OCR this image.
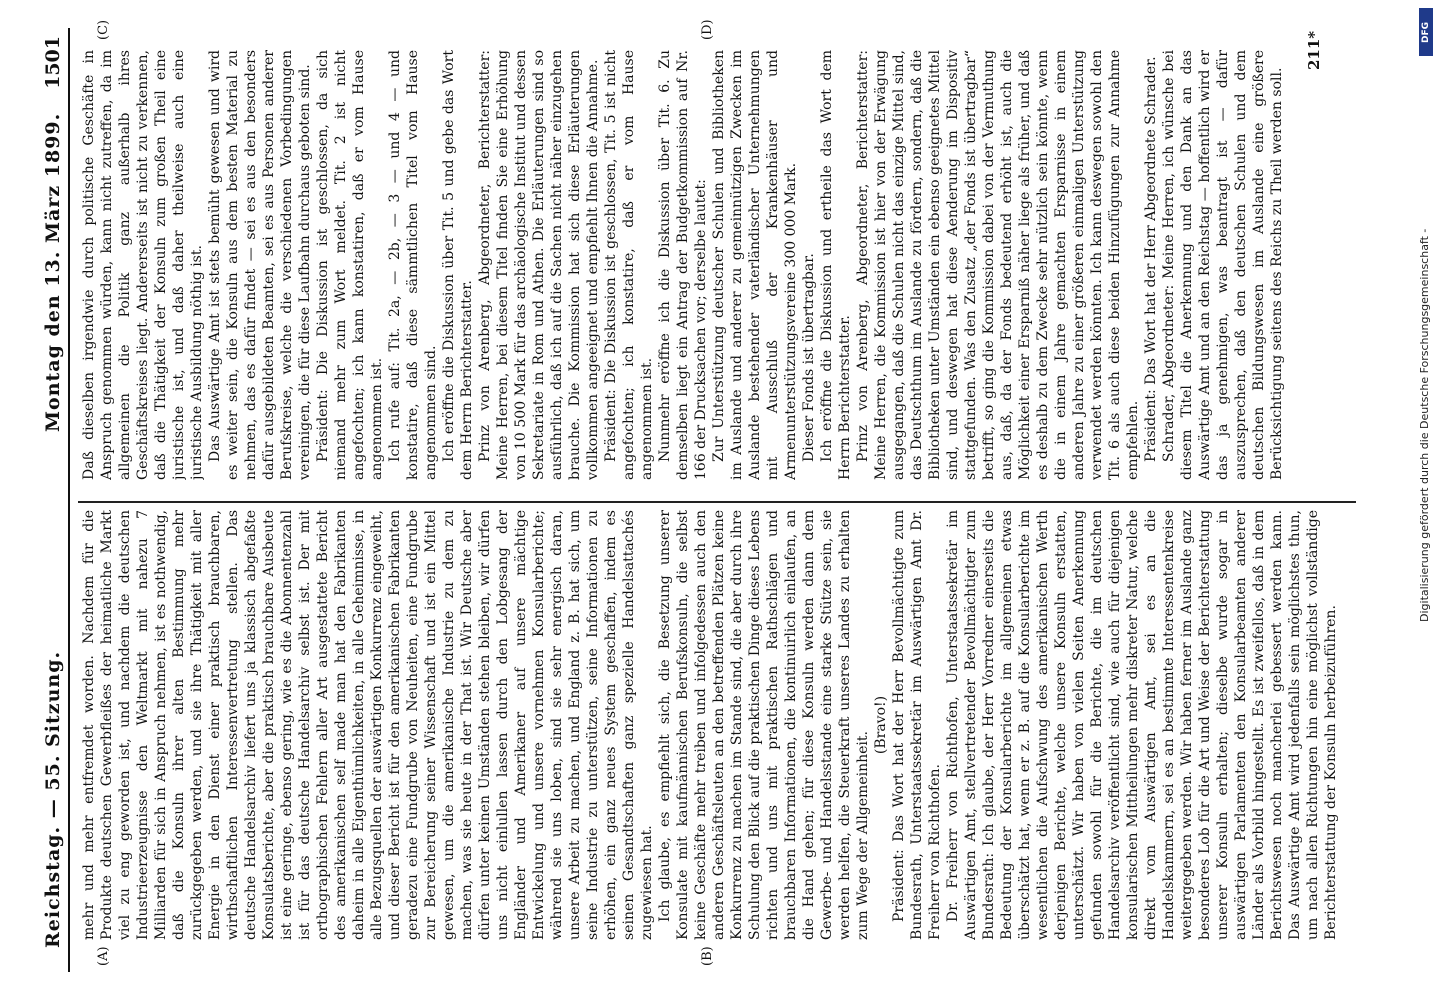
Reichstag. — 55. Sitzung.
Montag den 13. März 1899.
1501
(A)	(B)
(C)	(D)

mehr und mehr entfremdet worden. Nachdem für die Produkte deutschen Gewerbfleißes der heimatliche Markt viel zu eng geworden ist, und nachdem die deutschen Industrieerzeugnisse den Weltmarkt mit nahezu 7 Milliarden für sich in Anspruch nehmen, ist es nothwendig, daß die Konsuln ihrer alten Bestimmung mehr zurückgegeben werden, und sie ihre Thätigkeit mit aller Energie in den Dienst einer praktisch brauchbaren, wirthschaftlichen Interessenvertretung stellen. Das deutsche Handelsarchiv liefert uns ja klassisch abgefaßte Konsulatsberichte, aber die praktisch brauchbare Ausbeute ist eine geringe, ebenso gering, wie es die Abonnentenzahl ist für das deutsche Handelsarchiv selbst ist. Der mit orthographischen Fehlern aller Art ausgestattete Bericht des amerikanischen self made man hat den Fabrikanten daheim in alle Eigenthümlichkeiten, in alle Geheimnisse, in alle Bezugsquellen der auswärtigen Konkurrenz eingeweiht, und dieser Bericht ist für den amerikanischen Fabrikanten geradezu eine Fundgrube von Neuheiten, eine Fundgrube zur Bereicherung seiner Wissenschaft und ist ein Mittel gewesen, um die amerikanische Industrie zu dem zu machen, was sie heute in der That ist. Wir Deutsche aber dürfen unter keinen Umständen stehen bleiben, wir dürfen uns nicht einlullen lassen durch den Lobgesang der Engländer und Amerikaner auf unsere mächtige Entwickelung und unsere vornehmen Konsularberichte; während sie uns loben, sind sie sehr energisch daran, unsere Arbeit zu machen, und England z. B. hat sich, um seine Industrie zu unterstützen, seine Informationen zu erhöhen, ein ganz neues System geschaffen, indem es seinen Gesandtschaften ganz spezielle Handelsattachés zugewiesen hat. Ich glaube, es empfiehlt sich, die Besetzung unserer Konsulate mit kaufmännischen Berufskonsuln, die selbst keine Geschäfte mehr treiben und infolgedessen auch den anderen Geschäftsleuten an den betreffenden Plätzen keine Konkurrenz zu machen im Stande sind, die aber durch ihre Schulung den Blick auf die praktischen Dinge dieses Lebens richten und uns mit praktischen Rathschlägen und brauchbaren Informationen, die kontinuirlich einlaufen, an die Hand gehen; für diese Konsuln werden dann dem Gewerbe- und Handelsstande eine starke Stütze sein, sie werden helfen, die Steuerkraft unseres Landes zu erhalten zum Wege der Allgemeinheit.

(Bravo!) Präsident: Das Wort hat der Herr Bevollmächtigte zum Bundesrath, Unterstaatssekretär im Auswärtigen Amt Dr. Freiherr von Richthofen. Dr. Freiherr von Richthofen, Unterstaatssekretär im Auswärtigen Amt, stellvertretender Bevollmächtigter zum Bundesrath: Ich glaube, der Herr Vorredner einerseits die Bedeutung der Konsularberichte im allgemeinen etwas überschätzt hat, wenn er z. B. auf die Konsularberichte im wesentlichen die Aufschwung des amerikanischen Werth derjenigen Berichte, welche unsere Konsuln erstatten, unterschätzt. Wir haben von vielen Seiten Anerkennung gefunden sowohl für die Berichte, die im deutschen Handelsarchiv veröffentlicht sind, wie auch für diejenigen konsularischen Mittheilungen mehr diskreter Natur, welche direkt vom Auswärtigen Amt, sei es an die Handelskammern, sei es an bestimmte Interessentenkreise weitergegeben werden. Wir haben ferner im Auslande ganz besonderes Lob für die Art und Weise der Berichterstattung unserer Konsuln erhalten; dieselbe wurde sogar in auswärtigen Parlamenten den Konsularbeamten anderer Länder als Vorbild hingestellt. Es ist zweifellos, daß in dem Berichtswesen noch mancherlei gebessert werden kann. Das Auswärtige Amt wird jedenfalls sein möglichstes thun, um nach allen Richtungen hin eine möglichst vollständige Berichterstattung der Konsuln herbeizuführen.

Daß dieselben irgendwie durch politische Geschäfte in Anspruch genommen würden, kann nicht zutreffen, da im allgemeinen die Politik ganz außerhalb ihres Geschäftskreises liegt. Andererseits ist nicht zu verkennen, daß die Thätigkeit der Konsuln zum großen Theil eine juristische ist, und daß daher theilweise auch eine juristische Ausbildung nöthig ist. Das Auswärtige Amt ist stets bemüht gewesen und wird es weiter sein, die Konsuln aus dem besten Material zu nehmen, das es dafür findet — sei es aus den besonders dafür ausgebildeten Beamten, sei es aus Personen anderer Berufskreise, welche die verschiedenen Vorbedingungen vereinigen, die für diese Laufbahn durchaus geboten sind. Präsident: Die Diskussion ist geschlossen, da sich niemand mehr zum Wort meldet. Tit. 2 ist nicht angefochten; ich kann konstatiren, daß er vom Hause angenommen ist. Ich rufe auf: Tit. 2a, — 2b, — 3 — und 4 — und konstatire, daß diese sämmtlichen Titel vom Hause angenommen sind. Ich eröffne die Diskussion über Tit. 5 und gebe das Wort dem Herrn Berichterstatter. Prinz von Arenberg, Abgeordneter, Berichterstatter: Meine Herren, bei diesem Titel finden Sie eine Erhöhung von 10 500 Mark für das archäologische Institut und dessen Sekretariate in Rom und Athen. Die Erläuterungen sind so ausführlich, daß ich auf die Sachen nicht näher einzugehen brauche. Die Kommission hat sich diese Erläuterungen vollkommen angeeignet und empfiehlt Ihnen die Annahme. Präsident: Die Diskussion ist geschlossen, Tit. 5 ist nicht angefochten; ich konstatire, daß er vom Hause angenommen ist. Nunmehr eröffne ich die Diskussion über Tit. 6. Zu demselben liegt ein Antrag der Budgetkommission auf Nr. 166 der Drucksachen vor; derselbe lautet: Zur Unterstützung deutscher Schulen und Bibliotheken im Auslande und anderer zu gemeinnützigen Zwecken im Auslande bestehender vaterländischer Unternehmungen mit Ausschluß der Krankenhäuser und Armenunterstützungsvereine 300 000 Mark. Dieser Fonds ist übertragbar. Ich eröffne die Diskussion und ertheile das Wort dem Herrn Berichterstatter. Prinz von Arenberg, Abgeordneter, Berichterstatter: Meine Herren, die Kommission ist hier von der Erwägung ausgegangen, daß die Schulen nicht das einzige Mittel sind, das Deutschthum im Auslande zu fördern, sondern, daß die Bibliotheken unter Umständen ein ebenso geeignetes Mittel sind, und deswegen hat diese Aenderung im Dispositiv stattgefunden. Was den Zusatz „der Fonds ist übertragbar“ betrifft, so ging die Kommission dabei von der Vermuthung aus, daß, da der Fonds bedeutend erhöht ist, auch die Möglichkeit einer Ersparniß näher liege als früher, und daß es deshalb zu dem Zwecke sehr nützlich sein könnte, wenn die in einem Jahre gemachten Ersparnisse in einem anderen Jahre zu einer größeren einmaligen Unterstützung verwendet werden könnten. Ich kann deswegen sowohl den Tit. 6 als auch diese beiden Hinzufügungen zur Annahme empfehlen. Präsident: Das Wort hat der Herr Abgeordnete Schrader. Schrader, Abgeordneter: Meine Herren, ich wünsche bei diesem Titel die Anerkennung und den Dank an das Auswärtige Amt und an den Reichstag — hoffentlich wird er das ja genehmigen, was beantragt ist — dafür auszusprechen, daß den deutschen Schulen und dem deutschen Bildungswesen im Auslande eine größere Berücksichtigung seitens des Reichs zu Theil werden soll.

211*	DFG
Digitalisierung gefördert durch die Deutsche Forschungsgemeinschaft -
